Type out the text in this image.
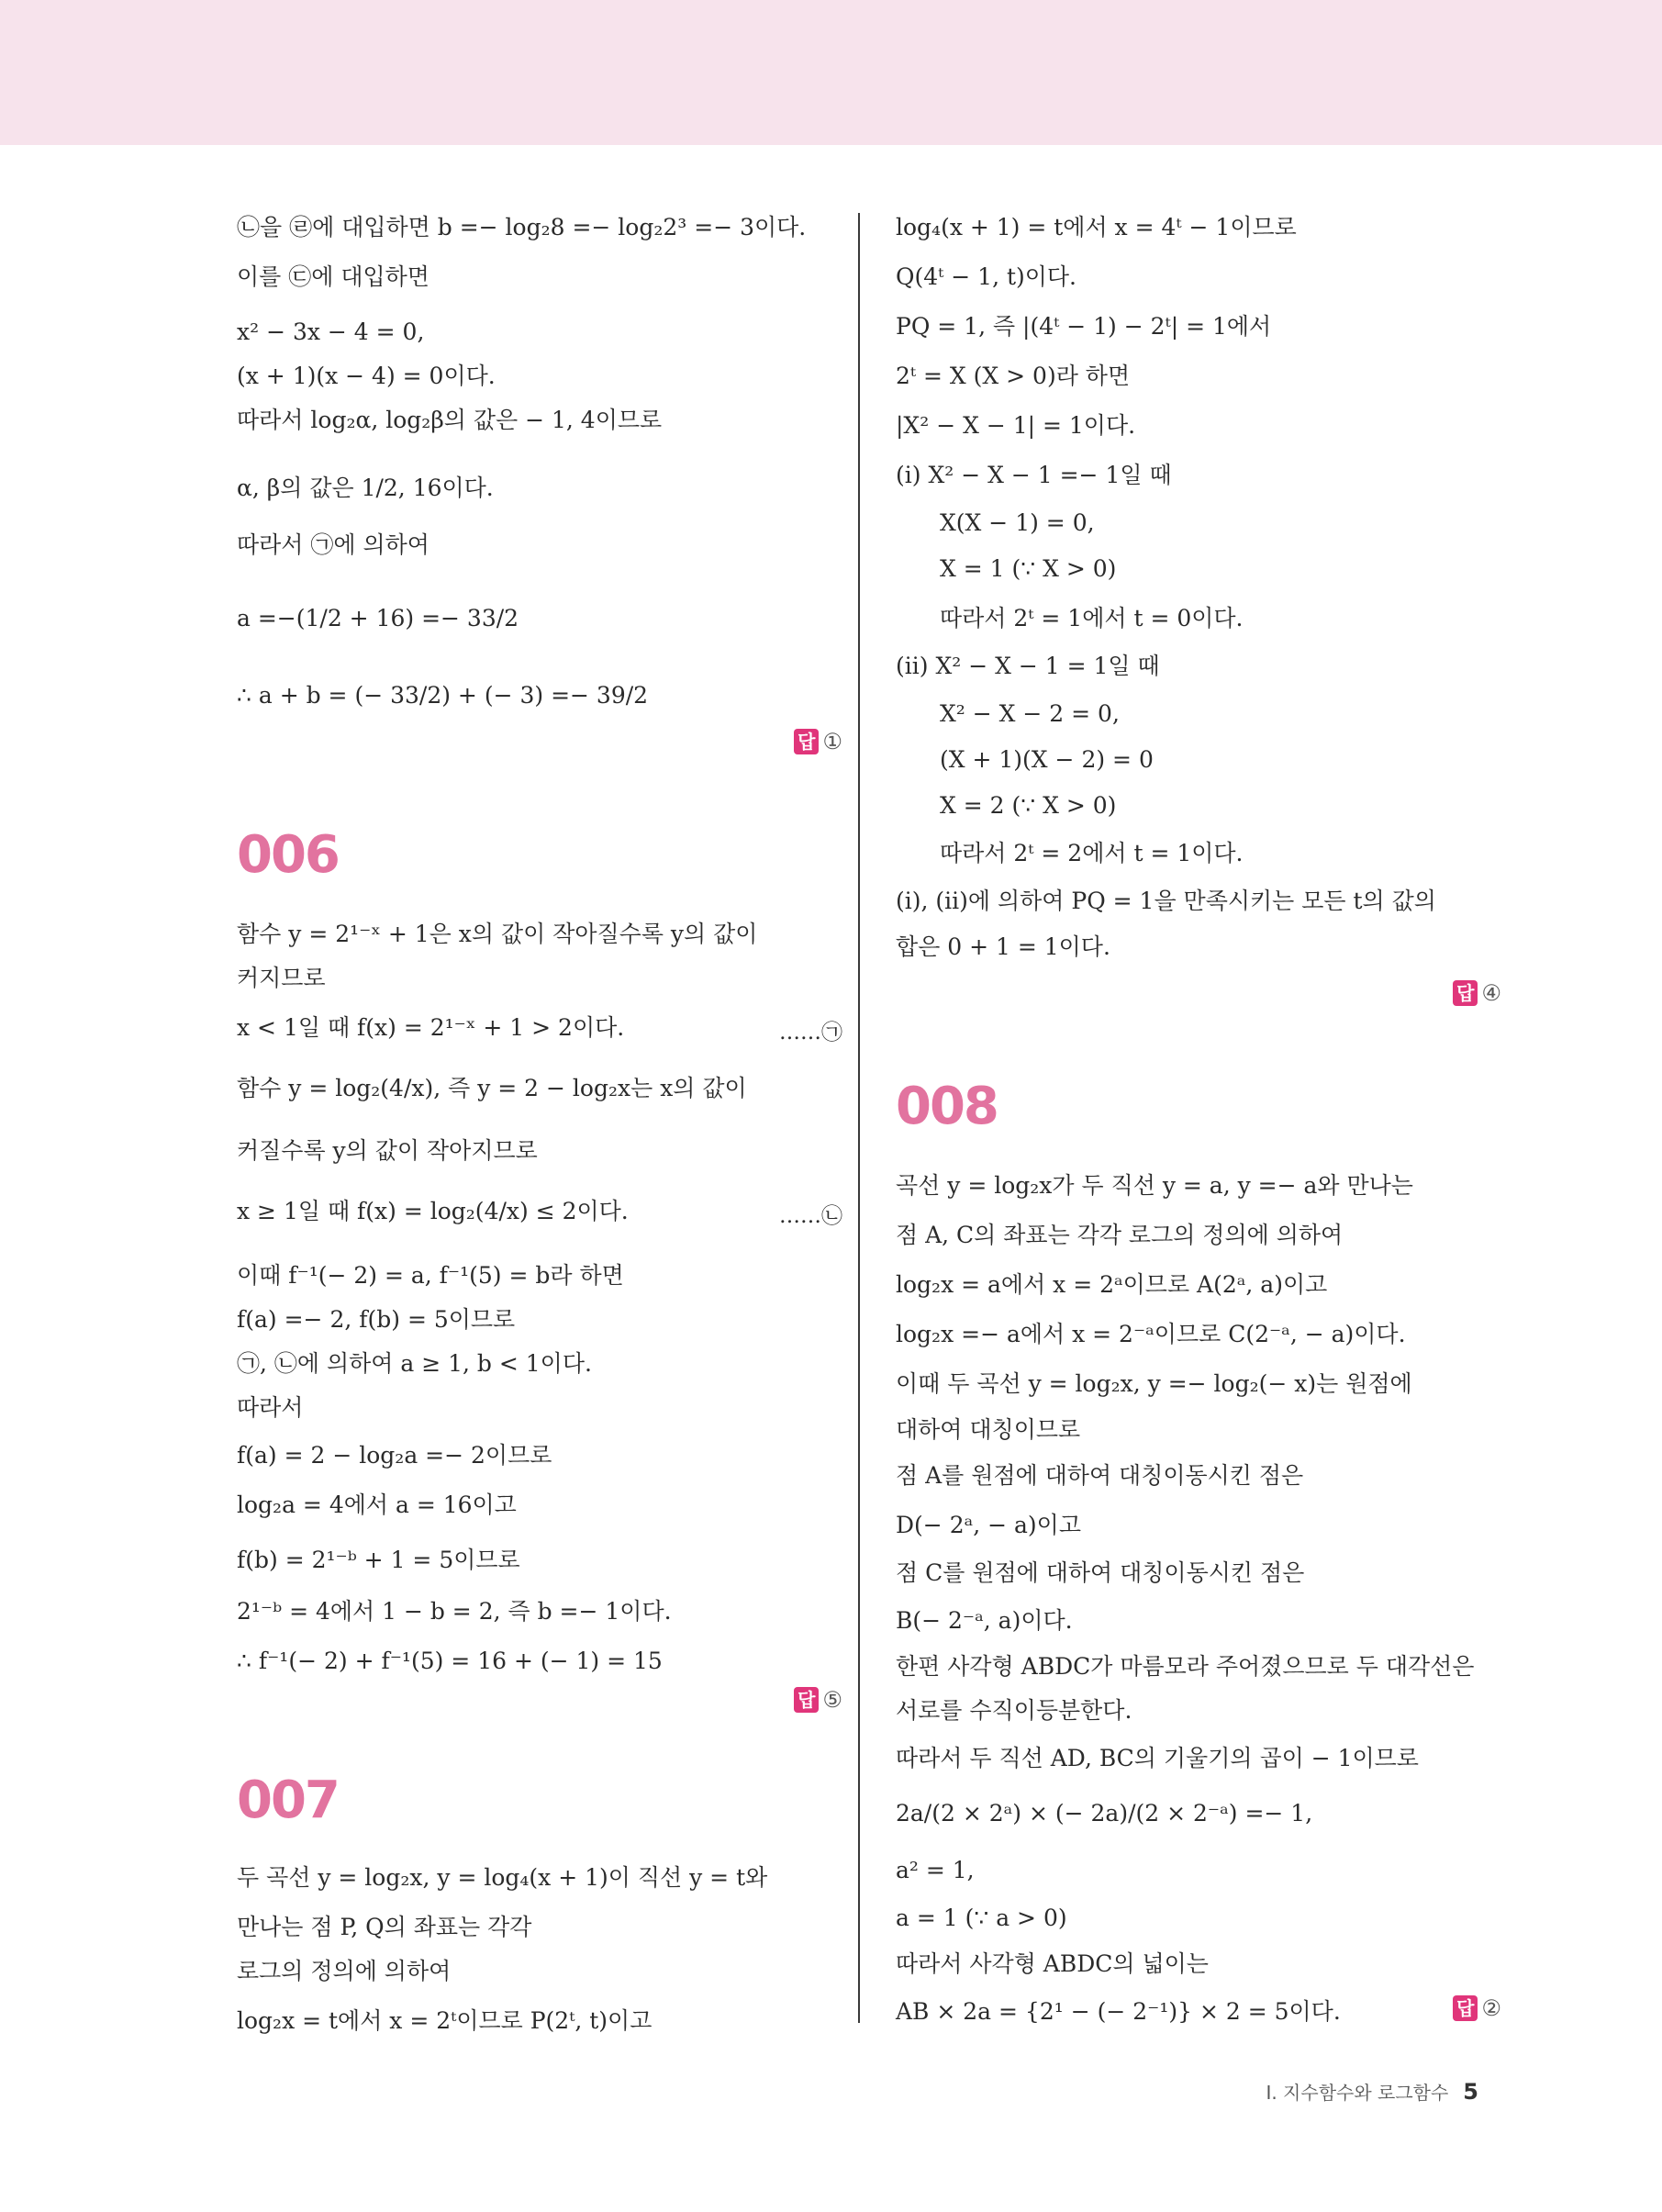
㉡을 ㉣에 대입하면 b =− log₂8 =− log₂2³ =− 3이다.
이를 ㉢에 대입하면
x² − 3x − 4 = 0,
(x + 1)(x − 4) = 0이다.
따라서 log₂α, log₂β의 값은 − 1, 4이므로
α, β의 값은 1/2, 16이다.
따라서 ㉠에 의하여
a =−(1/2 + 16) =− 33/2
∴ a + b = (− 33/2) + (− 3) =− 39/2
답 ①
006
함수 y = 2¹⁻ˣ + 1은 x의 값이 작아질수록 y의 값이
커지므로
x < 1일 때 f(x) = 2¹⁻ˣ + 1 > 2이다.	……㉠
함수 y = log₂(4/x), 즉 y = 2 − log₂x는 x의 값이
커질수록 y의 값이 작아지므로
x ≥ 1일 때 f(x) = log₂(4/x) ≤ 2이다.	……㉡
이때 f⁻¹(− 2) = a, f⁻¹(5) = b라 하면
f(a) =− 2, f(b) = 5이므로
㉠, ㉡에 의하여 a ≥ 1, b < 1이다.
따라서
f(a) = 2 − log₂a =− 2이므로
log₂a = 4에서 a = 16이고
f(b) = 2¹⁻ᵇ + 1 = 5이므로
2¹⁻ᵇ = 4에서 1 − b = 2, 즉 b =− 1이다.
∴ f⁻¹(− 2) + f⁻¹(5) = 16 + (− 1) = 15
답 ⑤
007
두 곡선 y = log₂x, y = log₄(x + 1)이 직선 y = t와
만나는 점 P, Q의 좌표는 각각
로그의 정의에 의하여
log₂x = t에서 x = 2ᵗ이므로 P(2ᵗ, t)이고
log₄(x + 1) = t에서 x = 4ᵗ − 1이므로
Q(4ᵗ − 1, t)이다.
PQ = 1, 즉 |(4ᵗ − 1) − 2ᵗ| = 1에서
2ᵗ = X (X > 0)라 하면
|X² − X − 1| = 1이다.
(ⅰ) X² − X − 1 =− 1일 때
X(X − 1) = 0,
X = 1 (∵ X > 0)
따라서 2ᵗ = 1에서 t = 0이다.
(ⅱ) X² − X − 1 = 1일 때
X² − X − 2 = 0,
(X + 1)(X − 2) = 0
X = 2 (∵ X > 0)
따라서 2ᵗ = 2에서 t = 1이다.
(ⅰ), (ⅱ)에 의하여 PQ = 1을 만족시키는 모든 t의 값의
합은 0 + 1 = 1이다.
답 ④
008
곡선 y = log₂x가 두 직선 y = a, y =− a와 만나는
점 A, C의 좌표는 각각 로그의 정의에 의하여
log₂x = a에서 x = 2ᵃ이므로 A(2ᵃ, a)이고
log₂x =− a에서 x = 2⁻ᵃ이므로 C(2⁻ᵃ, − a)이다.
이때 두 곡선 y = log₂x, y =− log₂(− x)는 원점에
대하여 대칭이므로
점 A를 원점에 대하여 대칭이동시킨 점은
D(− 2ᵃ, − a)이고
점 C를 원점에 대하여 대칭이동시킨 점은
B(− 2⁻ᵃ, a)이다.
한편 사각형 ABDC가 마름모라 주어졌으므로 두 대각선은
서로를 수직이등분한다.
따라서 두 직선 AD, BC의 기울기의 곱이 − 1이므로
2a/(2 × 2ᵃ) × (− 2a)/(2 × 2⁻ᵃ) =− 1,
a² = 1,
a = 1 (∵ a > 0)
따라서 사각형 ABDC의 넓이는
AB × 2a = {2¹ − (− 2⁻¹)} × 2 = 5이다.	답 ②
Ⅰ. 지수함수와 로그함수 5
